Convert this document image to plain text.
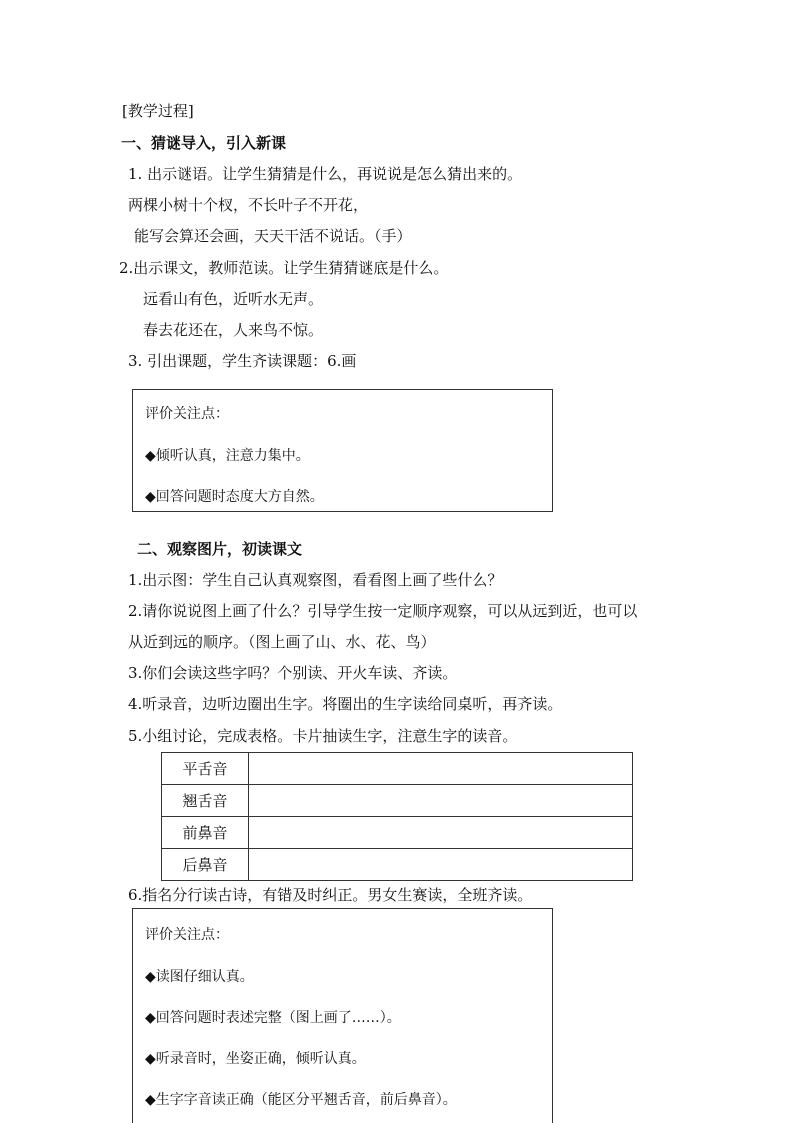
[教学过程]
一、猜谜导入，引入新课
1. 出示谜语。让学生猜猜是什么，再说说是怎么猜出来的。
两棵小树十个杈，不长叶子不开花，
能写会算还会画，天天干活不说话。（手）
2.出示课文，教师范读。让学生猜猜谜底是什么。
远看山有色，近听水无声。
春去花还在，人来鸟不惊。
3. 引出课题，学生齐读课题：6.画
评价关注点：
◆倾听认真，注意力集中。
◆回答问题时态度大方自然。
二、观察图片，初读课文
1.出示图：学生自己认真观察图，看看图上画了些什么？
2.请你说说图上画了什么？引导学生按一定顺序观察，可以从远到近，也可以
从近到远的顺序。（图上画了山、水、花、鸟）
3.你们会读这些字吗？个别读、开火车读、齐读。
4.听录音，边听边圈出生字。将圈出的生字读给同桌听，再齐读。
5.小组讨论，完成表格。卡片抽读生字，注意生字的读音。
平舌音	
翘舌音	
前鼻音	
后鼻音	
6.指名分行读古诗，有错及时纠正。男女生赛读，全班齐读。
评价关注点：
◆读图仔细认真。
◆回答问题时表述完整（图上画了……）。
◆听录音时，坐姿正确，倾听认真。
◆生字字音读正确（能区分平翘舌音，前后鼻音）。
